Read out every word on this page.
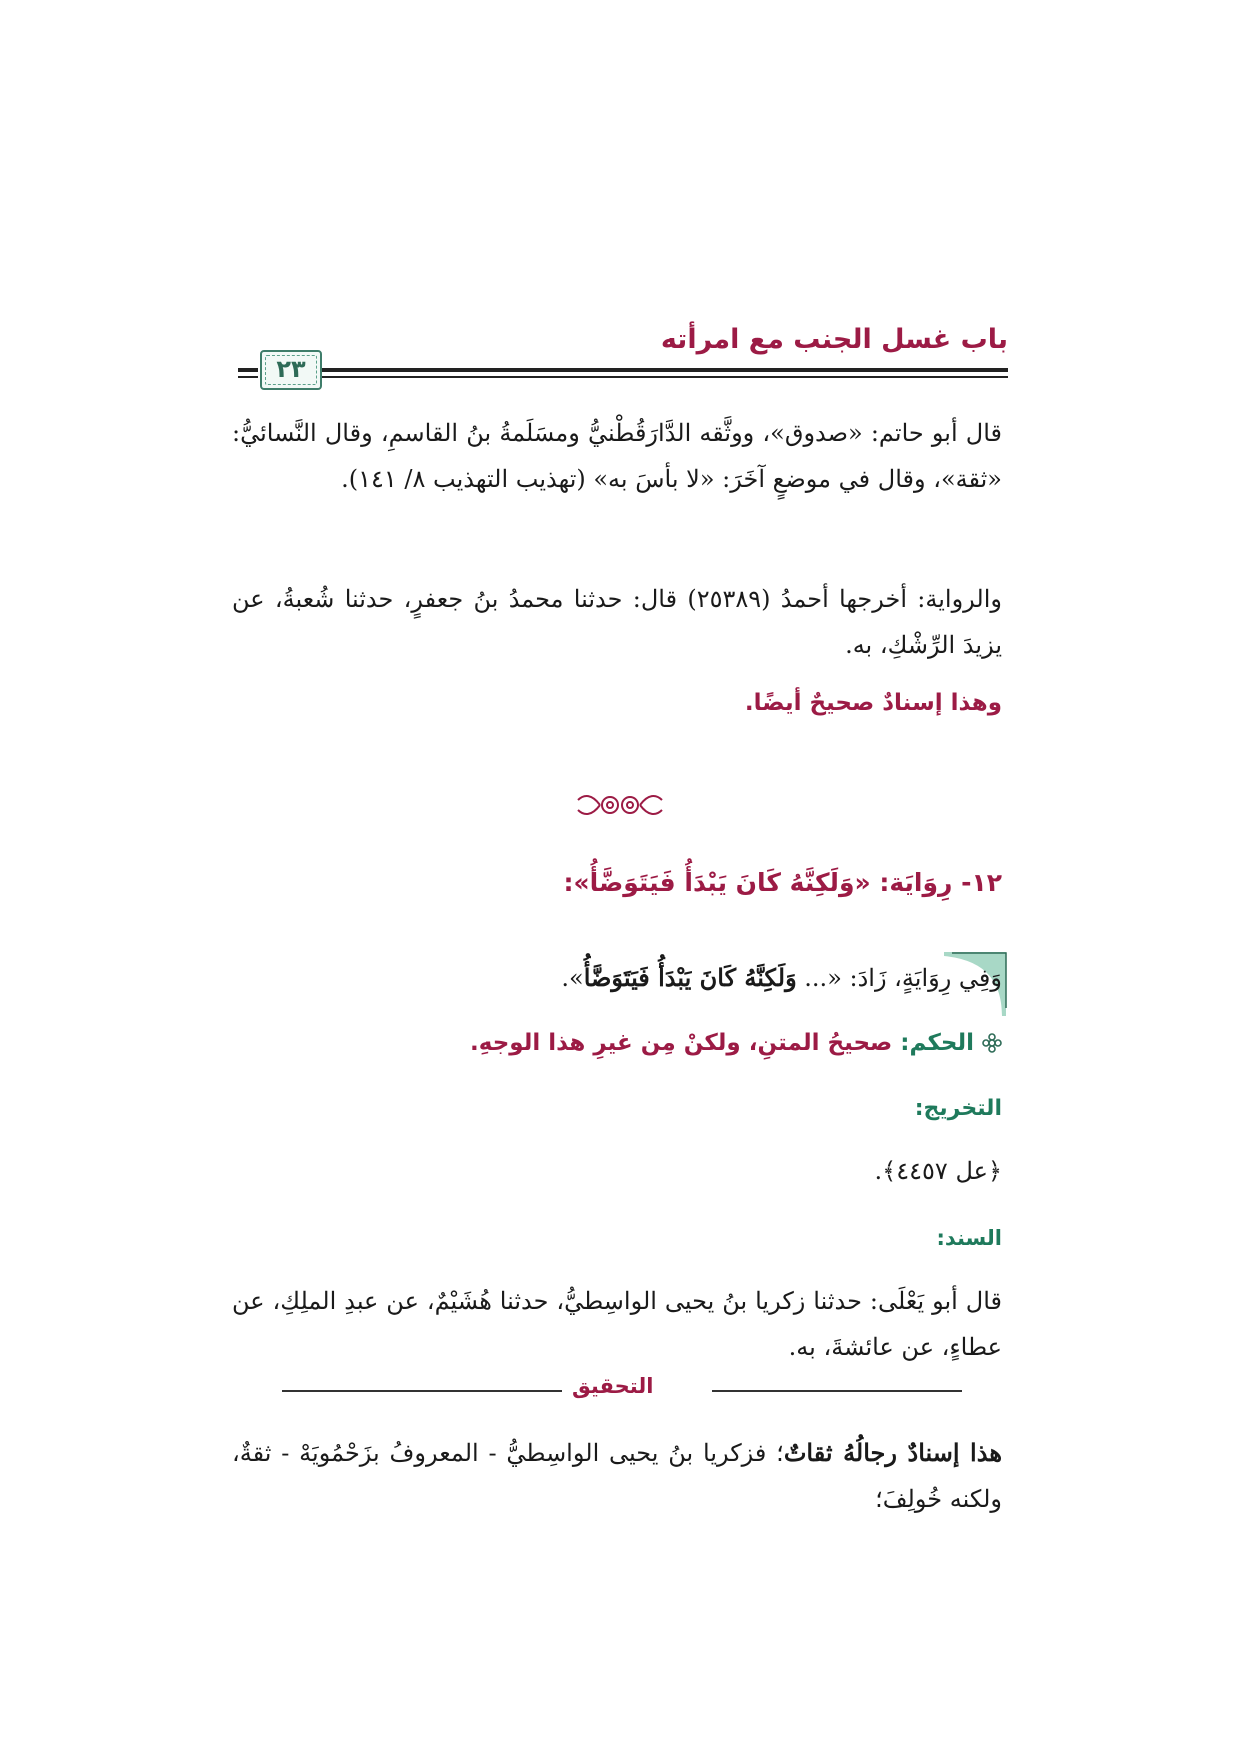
باب غسل الجنب مع امرأته
٢٣

قال أبو حاتم: «صدوق»، ووثَّقه الدَّارَقُطْنيُّ ومسَلَمةُ بنُ القاسمِ، وقال النَّسائيُّ: «ثقة»، وقال في موضعٍ آخَرَ: «لا بأسَ به» (تهذيب التهذيب ٨/ ١٤١).

والرواية: أخرجها أحمدُ (٢٥٣٨٩) قال: حدثنا محمدُ بنُ جعفرٍ، حدثنا شُعبةُ، عن يزيدَ الرِّشْكِ، به.

وهذا إسنادٌ صحيحٌ أيضًا.
١٢- رِوَايَة: «وَلَكِنَّهُ كَانَ يَبْدَأُ فَيَتَوَضَّأُ»:

وَفِي رِوَايَةٍ، زَادَ: «... وَلَكِنَّهُ كَانَ يَبْدَأُ فَيَتَوَضَّأُ».

الحكم: صحيحُ المتنِ، ولكنْ مِن غيرِ هذا الوجهِ.
التخريج:

﴿عل ٤٤٥٧﴾.

السند:

قال أبو يَعْلَى: حدثنا زكريا بنُ يحيى الواسِطيُّ، حدثنا هُشَيْمٌ، عن عبدِ الملِكِ، عن عطاءٍ، عن عائشةَ، به.

التحقيق

هذا إسنادٌ رجالُهُ ثقاتٌ؛ فزكريا بنُ يحيى الواسِطيُّ - المعروفُ بزَحْمُويَهْ - ثقةٌ، ولكنه خُولِفَ؛
